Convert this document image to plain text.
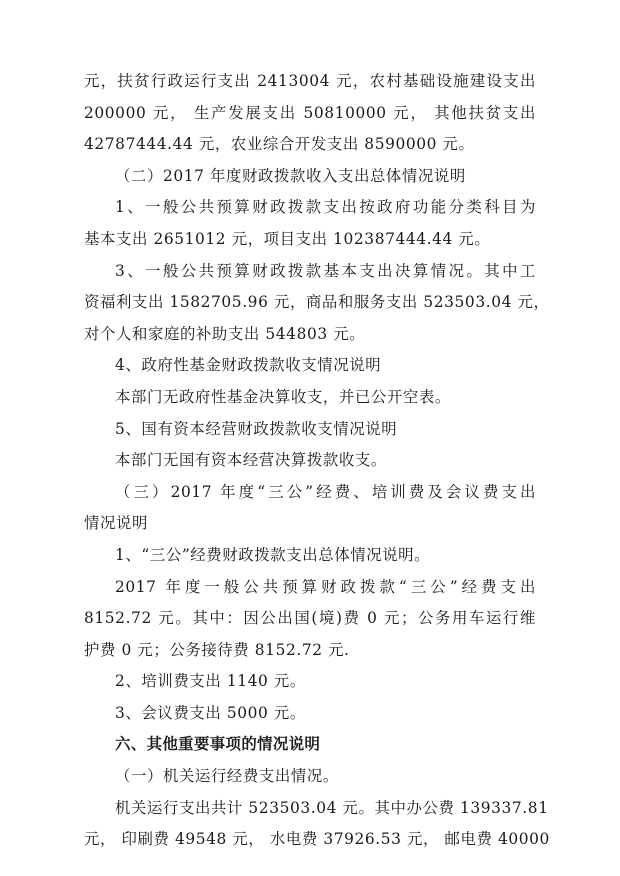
元，扶贫行政运行支出 2413004 元，农村基础设施建设支出
200000 元， 生产发展支出 50810000 元， 其他扶贫支出
42787444.44 元，农业综合开发支出 8590000 元。
（二）2017 年度财政拨款收入支出总体情况说明
1、一般公共预算财政拨款支出按政府功能分类科目为
基本支出 2651012 元，项目支出 102387444.44 元。
3、一般公共预算财政拨款基本支出决算情况。其中工
资福利支出 1582705.96 元，商品和服务支出 523503.04 元，
对个人和家庭的补助支出 544803 元。
4、政府性基金财政拨款收支情况说明
本部门无政府性基金决算收支，并已公开空表。
5、国有资本经营财政拨款收支情况说明
本部门无国有资本经营决算拨款收支。
（三）2017 年度“三公”经费、培训费及会议费支出
情况说明
1、“三公”经费财政拨款支出总体情况说明。
2017 年度一般公共预算财政拨款“三公”经费支出
8152.72 元。其中：因公出国(境)费 0 元；公务用车运行维
护费 0 元；公务接待费 8152.72 元.
2、培训费支出 1140 元。
3、会议费支出 5000 元。
六、其他重要事项的情况说明
（一）机关运行经费支出情况。
机关运行支出共计 523503.04 元。其中办公费 139337.81
元， 印刷费 49548 元， 水电费 37926.53 元， 邮电费 40000
